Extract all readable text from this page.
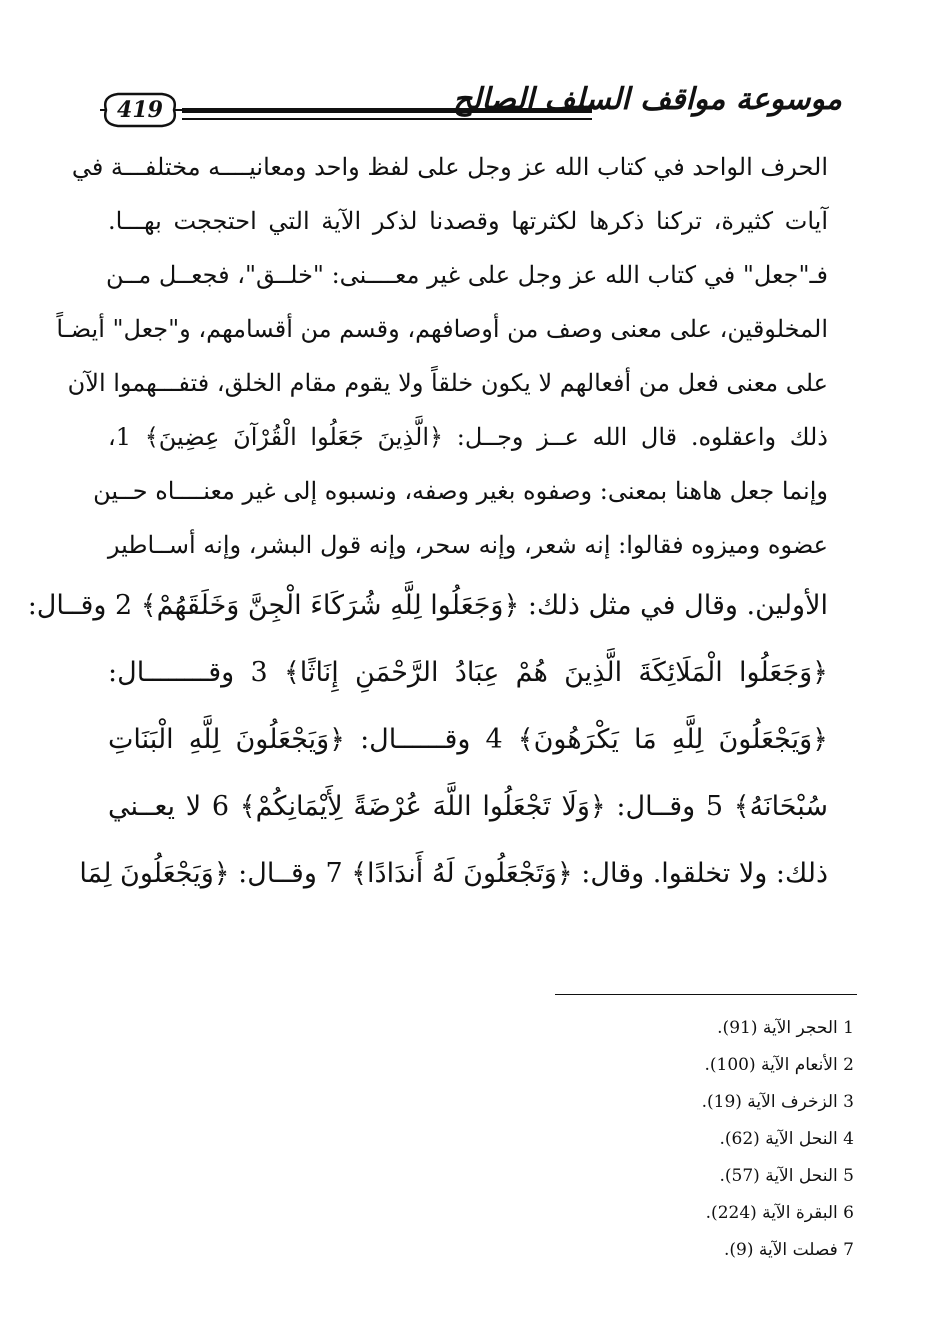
419	موسوعة مواقف السلف الصالح
الحرف الواحد في كتاب الله عز وجل على لفظ واحد ومعانيــــه مختلفـــة في
آيات كثيرة، تركنا ذكرها لكثرتها وقصدنا لذكر الآية التي احتججت بهـــا.
فـ"جعل" في كتاب الله عز وجل على غير معــــنى: "خلــق"، فجعــل مــن
المخلوقين، على معنى وصف من أوصافهم، وقسم من أقسامهم، و"جعل" أيضـاً
على معنى فعل من أفعالهم لا يكون خلقاً ولا يقوم مقام الخلق، فتفـــهموا الآن
ذلك واعقلوه. قال الله عــز وجــل: ﴿الَّذِينَ جَعَلُوا الْقُرْآنَ عِضِينَ﴾ 1،
وإنما جعل هاهنا بمعنى: وصفوه بغير وصفه، ونسبوه إلى غير معنــــاه حــين
عضوه وميزوه فقالوا: إنه شعر، وإنه سحر، وإنه قول البشر، وإنه أســاطير
الأولين. وقال في مثل ذلك: ﴿وَجَعَلُوا لِلَّهِ شُرَكَاءَ الْجِنَّ وَخَلَقَهُمْ﴾ 2 وقــال:
﴿وَجَعَلُوا الْمَلَائِكَةَ الَّذِينَ هُمْ عِبَادُ الرَّحْمَنِ إِنَاثًا﴾ 3 وقــــــــال:
﴿وَيَجْعَلُونَ لِلَّهِ مَا يَكْرَهُونَ﴾ 4 وقــــــال: ﴿وَيَجْعَلُونَ لِلَّهِ الْبَنَاتِ
سُبْحَانَهُ﴾ 5 وقــال: ﴿وَلَا تَجْعَلُوا اللَّهَ عُرْضَةً لِأَيْمَانِكُمْ﴾ 6 لا يعــني
ذلك: ولا تخلقوا. وقال: ﴿وَتَجْعَلُونَ لَهُ أَندَادًا﴾ 7 وقــال: ﴿وَيَجْعَلُونَ لِمَا
1 الحجر الآية (91).
2 الأنعام الآية (100).
3 الزخرف الآية (19).
4 النحل الآية (62).
5 النحل الآية (57).
6 البقرة الآية (224).
7 فصلت الآية (9).
